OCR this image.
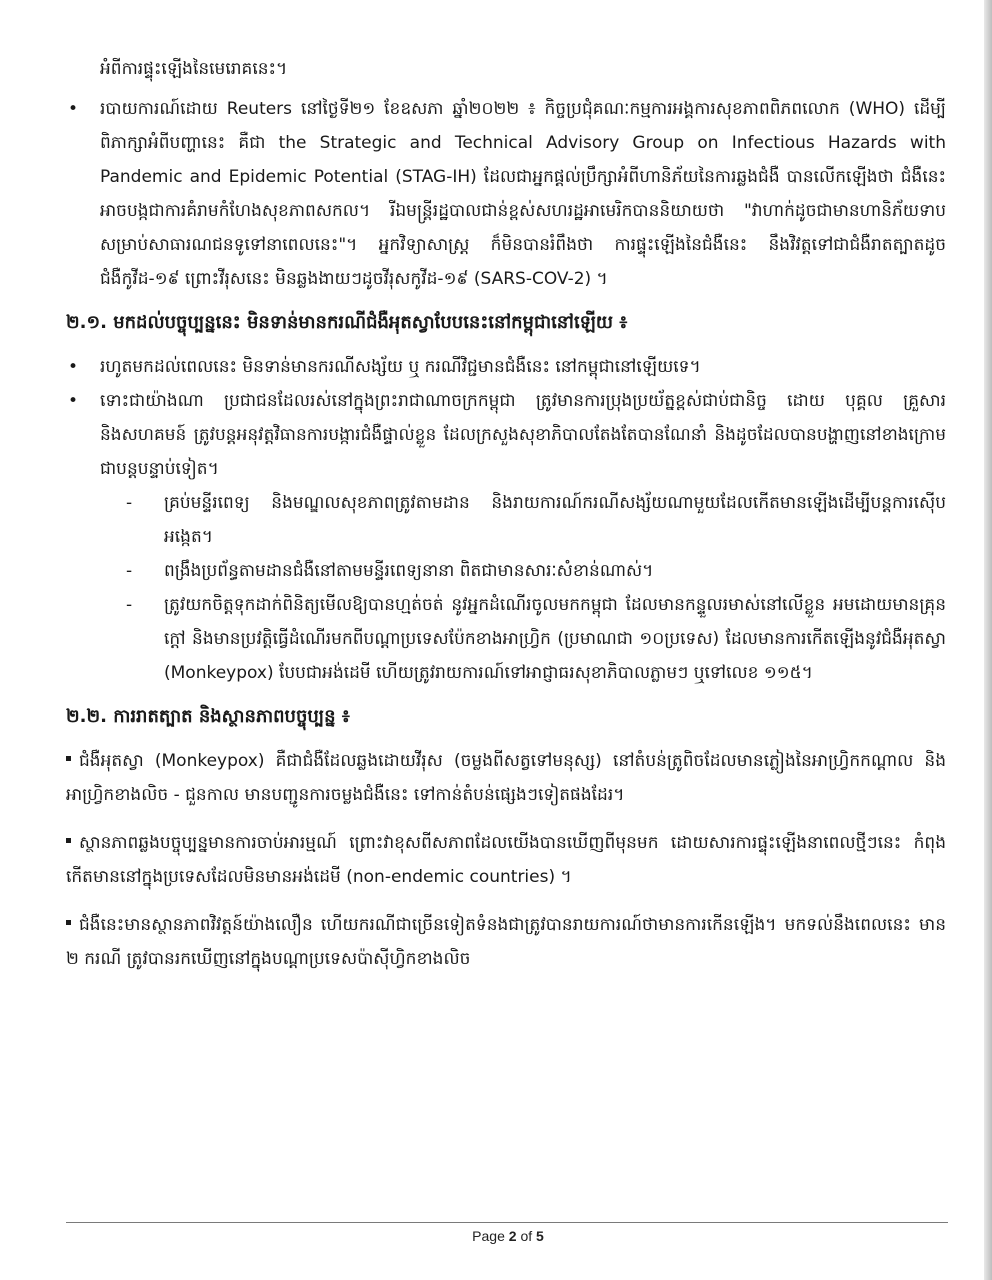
អំពីការផ្ទុះឡើងនៃមេរោគនេះ។

•	របាយការណ៍ដោយ Reuters នៅថ្ងៃទី២១ ខែឧសភា ឆ្នាំ២០២២ ៖ កិច្ចប្រជុំគណៈកម្មការអង្គការសុខភាពពិភពលោក (WHO) ដើម្បីពិភាក្សាអំពីបញ្ហានេះ គឺជា the Strategic and Technical Advisory Group on Infectious Hazards with Pandemic and Epidemic Potential (STAG-IH) ដែលជាអ្នកផ្តល់ប្រឹក្សាអំពីហានិភ័យនៃការឆ្លងជំងឺ បានលើកឡើងថា ជំងឺនេះអាចបង្កជាការគំរាមកំហែងសុខភាពសកល។ រីឯមន្ត្រីរដ្ឋបាលជាន់ខ្ពស់សហរដ្ឋអាមេរិកបាននិយាយថា "វាហាក់ដូចជាមានហានិភ័យទាបសម្រាប់សាធារណជនទូទៅនាពេលនេះ"។ អ្នកវិទ្យាសាស្ត្រ ក៏មិនបានរំពឹងថា ការផ្ទុះឡើងនៃជំងឺនេះ នឹងវិវត្តទៅជាជំងឺរាតត្បាតដូចជំងឺកូវីដ-១៩ ព្រោះវីរុសនេះ មិនឆ្លងងាយៗដូចវីរុសកូវីដ-១៩ (SARS-COV-2) ។
២.១. មកដល់បច្ចុប្បន្ននេះ មិនទាន់មានករណីជំងឺអុតស្វាបែបនេះនៅកម្ពុជានៅឡើយ ៖
•	រហូតមកដល់ពេលនេះ មិនទាន់មានករណីសង្ស័យ ឬ ករណីវិជ្ជមានជំងឺនេះ នៅកម្ពុជានៅឡើយទេ។
•	ទោះជាយ៉ាងណា ប្រជាជនដែលរស់នៅក្នុងព្រះរាជាណាចក្រកម្ពុជា ត្រូវមានការប្រុងប្រយ័ត្នខ្ពស់ជាប់ជានិច្ច ដោយ បុគ្គល គ្រួសារ និងសហគមន៍ ត្រូវបន្តអនុវត្តវិធានការបង្ការជំងឺផ្ទាល់ខ្លួន ដែលក្រសួងសុខាភិបាលតែងតែបានណែនាំ និងដូចដែលបានបង្ហាញនៅខាងក្រោមជាបន្តបន្ទាប់ទៀត។
-	គ្រប់មន្ទីរពេទ្យ និងមណ្ឌលសុខភាពត្រូវតាមដាន និងរាយការណ៍ករណីសង្ស័យណាមួយដែលកើតមានឡើងដើម្បីបន្តការស៊ើបអង្កេត។
-	ពង្រឹងប្រព័ន្ធតាមដានជំងឺនៅតាមមន្ទីរពេទ្យនានា ពិតជាមានសារៈសំខាន់ណាស់។
-	ត្រូវយកចិត្តទុកដាក់ពិនិត្យមើលឱ្យបានហ្មត់ចត់ នូវអ្នកដំណើរចូលមកកម្ពុជា ដែលមានកន្ទួលរមាស់នៅលើខ្លួន អមដោយមានគ្រុនក្តៅ និងមានប្រវត្តិធ្វើដំណើរមកពីបណ្តាប្រទេសប៉ែកខាងអាហ្វ្រិក (ប្រមាណជា ១០ប្រទេស) ដែលមានការកើតឡើងនូវជំងឺអុតស្វា (Monkeypox) បែបជាអង់ដេមី ហើយត្រូវរាយការណ៍ទៅអាជ្ញាធរសុខាភិបាលភ្លាមៗ ឬទៅលេខ ១១៥។
២.២. ការរាតត្បាត និងស្ថានភាពបច្ចុប្បន្ន ៖
ជំងឺអុតស្វា (Monkeypox) គឺជាជំងឺដែលឆ្លងដោយវីរុស (ចម្លងពីសត្វទៅមនុស្ស) នៅតំបន់ត្រូពិចដែលមានភ្លៀងនៃអាហ្វ្រិកកណ្តាល និងអាហ្វ្រិកខាងលិច - ជួនកាល មានបញ្ជូនការចម្លងជំងឺនេះ ទៅកាន់តំបន់ផ្សេងៗទៀតផងដែរ។
ស្ថានភាពឆ្លងបច្ចុប្បន្នមានការចាប់អារម្មណ៍ ព្រោះវាខុសពីសភាពដែលយើងបានឃើញពីមុនមក ដោយសារការផ្ទុះឡើងនាពេលថ្មីៗនេះ កំពុងកើតមាននៅក្នុងប្រទេសដែលមិនមានអង់ដេមី (non-endemic countries) ។
ជំងឺនេះមានស្ថានភាពវិវត្តន៍យ៉ាងលឿន ហើយករណីជាច្រើនទៀតទំនងជាត្រូវបានរាយការណ៍ថាមានការកើនឡើង។ មកទល់នឹងពេលនេះ មាន ២ ករណី ត្រូវបានរកឃើញនៅក្នុងបណ្តាប្រទេសប៉ាស៊ីហ្វិកខាងលិច
Page 2 of 5
